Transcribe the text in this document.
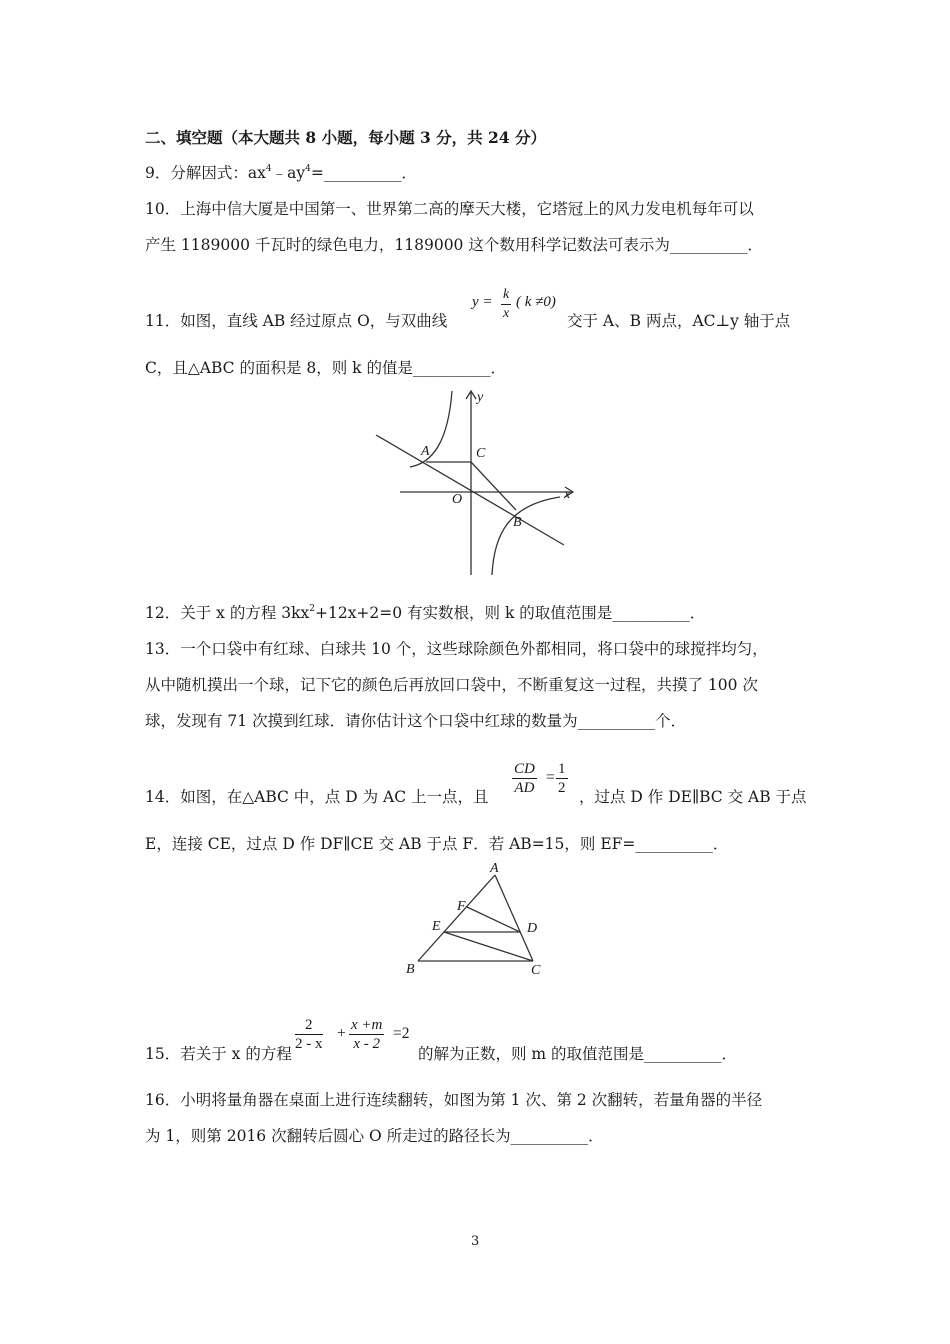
二、填空题（本大题共 8 小题，每小题 3 分，共 24 分）
9．分解因式：$ax^4﹣ay^4=\_\_\_\_\_\_\_\_\_\_$．
10．上海中信大厦是中国第一、世界第二高的摩天大楼，它塔冠上的风力发电机每年可以
产生 1189000 千瓦时的绿色电力，1189000 这个数用科学记数法可表示为__________．
11．如图，直线 AB 经过原点 O，与双曲线	交于 A、B 两点，AC⊥y 轴于点
$y = \frac{k}{x}$ ( k ≠0)
C，且△ABC 的面积是 8，则 k 的值是__________．
y
x
A	C
O
B
12．关于 x 的方程 $3kx^2+12x+2=0$ 有实数根，则 k 的取值范围是__________．
13．一个口袋中有红球、白球共 10 个，这些球除颜色外都相同，将口袋中的球搅拌均匀，
从中随机摸出一个球，记下它的颜色后再放回口袋中，不断重复这一过程，共摸了 100 次
球，发现有 71 次摸到红球．请你估计这个口袋中红球的数量为__________个．
14．如图，在△ABC 中，点 D 为 AC 上一点，且 $\frac{CD}{AD} = \frac{1}{2}$ ，过点 D 作 DE∥BC 交 AB 于点
E，连接 CE，过点 D 作 DF∥CE 交 AB 于点 F．若 AB=15，则 EF=__________．
A
F
E	D
B	C
15．若关于 x 的方程
$\frac{2}{2 - x} + \frac{x +m}{x - 2} =2$
的解为正数，则 m 的取值范围是__________．
16．小明将量角器在桌面上进行连续翻转，如图为第 1 次、第 2 次翻转，若量角器的半径
为 1，则第 2016 次翻转后圆心 O 所走过的路径长为__________．
3
